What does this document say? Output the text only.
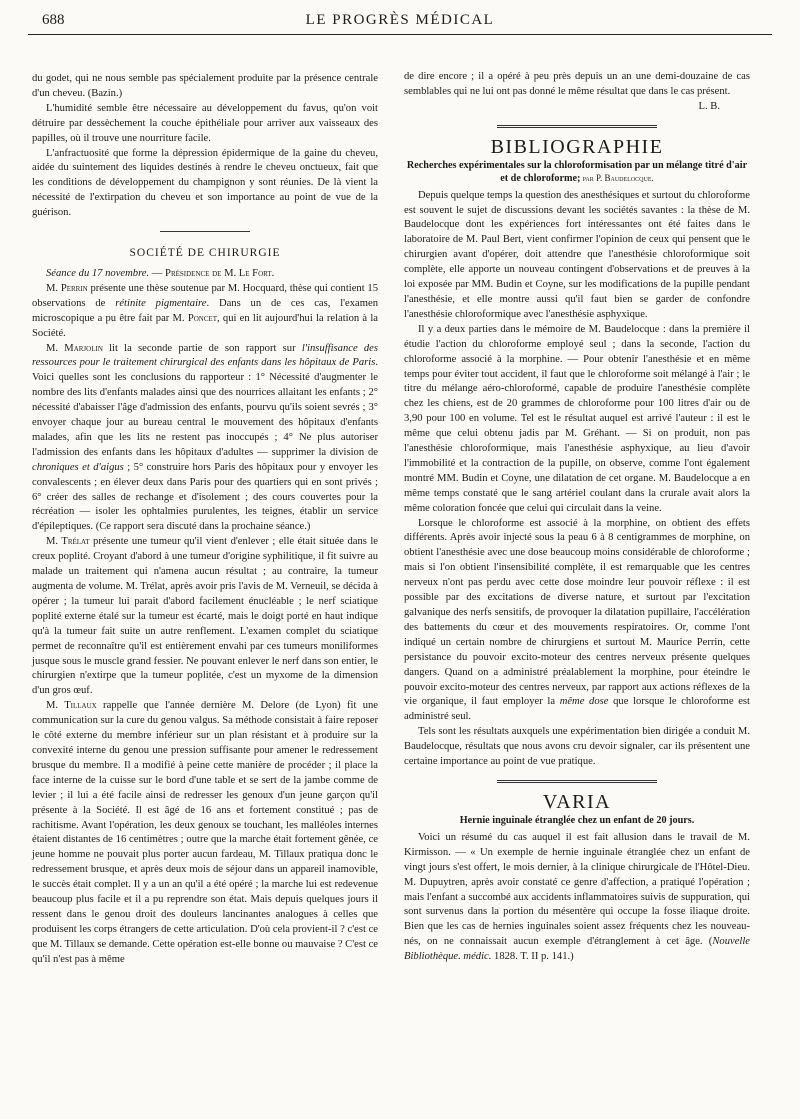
688	LE PROGRÈS MÉDICAL

du godet, qui ne nous semble pas spécialement produite par la présence centrale d'un cheveu. (Bazin.)

L'humidité semble être nécessaire au développement du favus, qu'on voit détruire par dessèchement la couche épithéliale pour arriver aux vaisseaux des papilles, où il trouve une nourriture facile.

L'anfractuosité que forme la dépression épidermique de la gaine du cheveu, aidée du suintement des liquides destinés à rendre le cheveu onctueux, fait que les conditions de développement du champignon y sont réunies. De là vient la nécessité de l'extirpation du cheveu et son importance au point de vue de la guérison.

SOCIÉTÉ DE CHIRURGIE

Séance du 17 novembre. — Présidence de M. Le Fort.

M. Perrin présente une thèse soutenue par M. Hocquard, thèse qui contient 15 observations de rétinite pigmentaire. Dans un de ces cas, l'examen microscopique a pu être fait par M. Poncet, qui en lit aujourd'hui la relation à la Société.

M. Marjolin lit la seconde partie de son rapport sur l'insuffisance des ressources pour le traitement chirurgical des enfants dans les hôpitaux de Paris. Voici quelles sont les conclusions du rapporteur : 1° Nécessité d'augmenter le nombre des lits d'enfants malades ainsi que des nourrices allaitant les enfants ; 2° nécessité d'abaisser l'âge d'admission des enfants, pourvu qu'ils soient sevrés ; 3° envoyer chaque jour au bureau central le mouvement des hôpitaux d'enfants malades, afin que les lits ne restent pas inoccupés ; 4° Ne plus autoriser l'admission des enfants dans les hôpitaux d'adultes — supprimer la division de chroniques et d'aigus ; 5° construire hors Paris des hôpitaux pour y envoyer les convalescents ; en élever deux dans Paris pour des quartiers qui en sont privés ; 6° créer des salles de rechange et d'isolement ; des cours couvertes pour la récréation — isoler les ophtalmies purulentes, les teignes, établir un service d'épileptiques. (Ce rapport sera discuté dans la prochaine séance.)

M. Trélat présente une tumeur qu'il vient d'enlever ; elle était située dans le creux poplité. Croyant d'abord à une tumeur d'origine syphilitique, il fit suivre au malade un traitement qui n'amena aucun résultat ; au contraire, la tumeur augmenta de volume. M. Trélat, après avoir pris l'avis de M. Verneuil, se décida à opérer ; la tumeur lui parait d'abord facilement énucléable ; le nerf sciatique poplité externe étalé sur la tumeur est écarté, mais le doigt porté en haut indique qu'à la tumeur fait suite un autre renflement. L'examen complet du sciatique permet de reconnaître qu'il est entièrement envahi par ces tumeurs moniliformes jusque sous le muscle grand fessier. Ne pouvant enlever le nerf dans son entier, le chirurgien n'extirpe que la tumeur poplitée, c'est un myxome de la dimension d'un gros œuf.

M. Tillaux rappelle que l'année dernière M. Delore (de Lyon) fit une communication sur la cure du genou valgus. Sa méthode consistait à faire reposer le côté externe du membre inférieur sur un plan résistant et à produire sur la convexité interne du genou une pression suffisante pour amener le redressement brusque du membre. Il a modifié à peine cette manière de procéder ; il place la face interne de la cuisse sur le bord d'une table et se sert de la jambe comme de levier ; il lui a été facile ainsi de redresser les genoux d'un jeune garçon qu'il présente à la Société. Il est âgé de 16 ans et fortement constitué ; pas de rachitisme. Avant l'opération, les deux genoux se touchant, les malléoles internes étaient distantes de 16 centimètres ; outre que la marche était fortement gênée, ce jeune homme ne pouvait plus porter aucun fardeau, M. Tillaux pratiqua donc le redressement brusque, et après deux mois de séjour dans un appareil inamovible, le succès était complet. Il y a un an qu'il a été opéré ; la marche lui est redevenue beaucoup plus facile et il a pu reprendre son état. Mais depuis quelques jours il ressent dans le genou droit des douleurs lancinantes analogues à celles que produisent les corps étrangers de cette articulation. D'où cela provient-il ? c'est ce que M. Tillaux se demande. Cette opération est-elle bonne ou mauvaise ? C'est ce qu'il n'est pas à même

de dire encore ; il a opéré à peu près depuis un an une demi-douzaine de cas semblables qui ne lui ont pas donné le même résultat que dans le cas présent.

L. B.
BIBLIOGRAPHIE
Recherches expérimentales sur la chloroformisation par un mélange titré d'air et de chloroforme; par P. Baudelocque.

Depuis quelque temps la question des anesthésiques et surtout du chloroforme est souvent le sujet de discussions devant les sociétés savantes : la thèse de M. Baudelocque dont les expériences fort intéressantes ont été faites dans le laboratoire de M. Paul Bert, vient confirmer l'opinion de ceux qui pensent que le chirurgien avant d'opérer, doit attendre que l'anesthésie chloroformique soit complète, elle apporte un nouveau contingent d'observations et de preuves à la loi exposée par MM. Budin et Coyne, sur les modifications de la pupille pendant l'anesthésie, et elle montre aussi qu'il faut bien se garder de confondre l'anesthésie chloroformique avec l'anesthésie asphyxique.

Il y a deux parties dans le mémoire de M. Baudelocque : dans la première il étudie l'action du chloroforme employé seul ; dans la seconde, l'action du chloroforme associé à la morphine. — Pour obtenir l'anesthésie et en même temps pour éviter tout accident, il faut que le chloroforme soit mélangé à l'air ; le titre du mélange aéro-chloroformé, capable de produire l'anesthésie complète chez les chiens, est de 20 grammes de chloroforme pour 100 litres d'air ou de 3,90 pour 100 en volume. Tel est le résultat auquel est arrivé l'auteur : il est le même que celui obtenu jadis par M. Gréhant. — Si on produit, non pas l'anesthésie chloroformique, mais l'anesthésie asphyxique, au lieu d'avoir l'immobilité et la contraction de la pupille, on observe, comme l'ont également montré MM. Budin et Coyne, une dilatation de cet organe. M. Baudelocque a en même temps constaté que le sang artériel coulant dans la crurale avait alors la même coloration foncée que celui qui circulait dans la veine.

Lorsque le chloroforme est associé à la morphine, on obtient des effets différents. Après avoir injecté sous la peau 6 à 8 centigrammes de morphine, on obtient l'anesthésie avec une dose beaucoup moins considérable de chloroforme ; mais si l'on obtient l'insensibilité complète, il est remarquable que les centres nerveux n'ont pas perdu avec cette dose moindre leur pouvoir réflexe : il est possible par des excitations de diverse nature, et surtout par l'excitation galvanique des nerfs sensitifs, de provoquer la dilatation pupillaire, l'accélération des battements du cœur et des mouvements respiratoires. Or, comme l'ont indiqué un certain nombre de chirurgiens et surtout M. Maurice Perrin, cette persistance du pouvoir excito-moteur des centres nerveux présente quelques dangers. Quand on a administré préalablement la morphine, pour éteindre le pouvoir excito-moteur des centres nerveux, par rapport aux actions réflexes de la vie organique, il faut employer la même dose que lorsque le chloroforme est administré seul.

Tels sont les résultats auxquels une expérimentation bien dirigée a conduit M. Baudelocque, résultats que nous avons cru devoir signaler, car ils présentent une certaine importance au point de vue pratique.

VARIA
Hernie inguinale étranglée chez un enfant de 20 jours.

Voici un résumé du cas auquel il est fait allusion dans le travail de M. Kirmisson. — « Un exemple de hernie inguinale étranglée chez un enfant de vingt jours s'est offert, le mois dernier, à la clinique chirurgicale de l'Hôtel-Dieu. M. Dupuytren, après avoir constaté ce genre d'affection, a pratiqué l'opération ; mais l'enfant a succombé aux accidents inflammatoires suivis de suppuration, qui sont survenus dans la portion du mésentère qui occupe la fosse iliaque droite. Bien que les cas de hernies inguinales soient assez fréquents chez les nouveau-nés, on ne connaissait aucun exemple d'étranglement à cet âge. (Nouvelle Bibliothèque. médic. 1828. T. II p. 141.)
